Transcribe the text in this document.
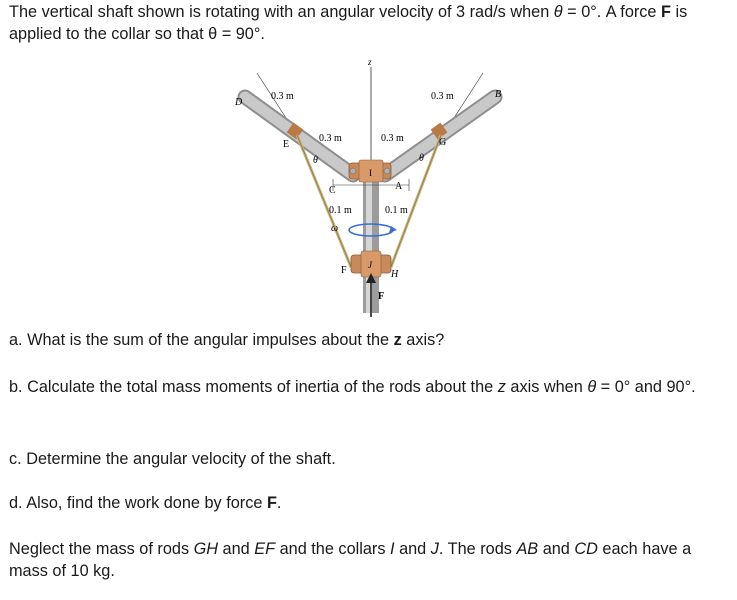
The vertical shaft shown is rotating with an angular velocity of 3 rad/s when θ = 0°. A force F is applied to the collar so that θ = 90°.

z
D
B
E	G
C	A
F	H
I
J
θ	θ
ω
F
0.3 m	0.3 m
0.3 m	0.3 m
0.1 m	0.1 m

a. What is the sum of the angular impulses about the z axis?

b. Calculate the total mass moments of inertia of the rods about the z axis when θ = 0° and 90°.

c. Determine the angular velocity of the shaft.

d. Also, find the work done by force F.

Neglect the mass of rods GH and EF and the collars I and J. The rods AB and CD each have a mass of 10 kg.
